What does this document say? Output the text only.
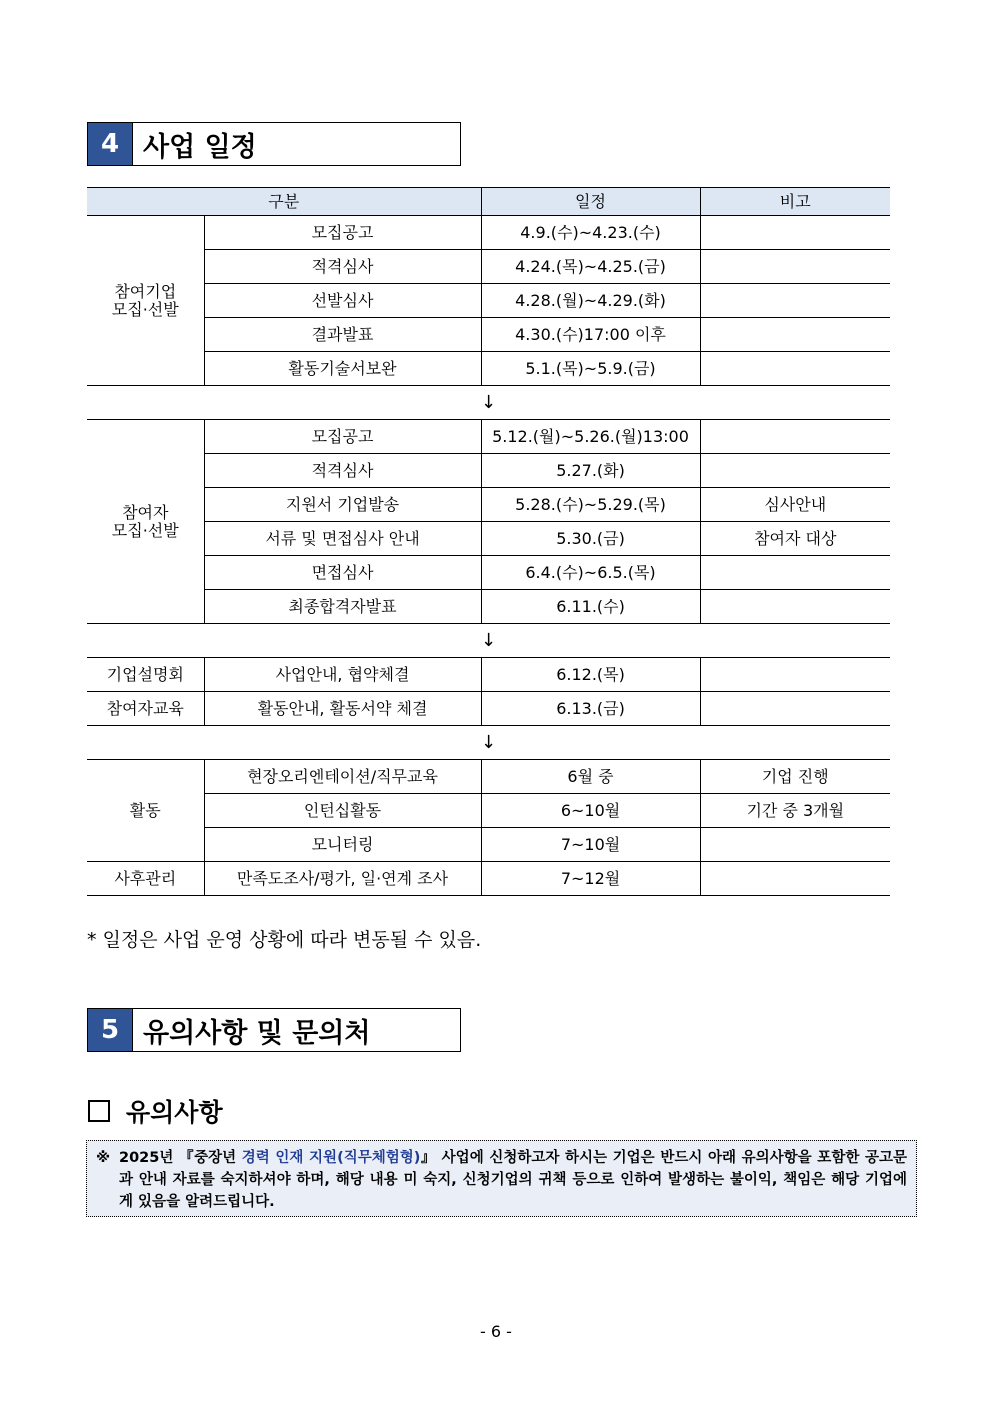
4 사업 일정
구분		일정	비고
참여기업
모집·선발	모집공고	4.9.(수)~4.23.(수)	
	적격심사	4.24.(목)~4.25.(금)	
	선발심사	4.28.(월)~4.29.(화)	
	결과발표	4.30.(수)17:00 이후	
	활동기술서보완	5.1.(목)~5.9.(금)	
↓			
참여자
모집·선발	모집공고	5.12.(월)~5.26.(월)13:00	
	적격심사	5.27.(화)	
	지원서 기업발송	5.28.(수)~5.29.(목)	심사안내
	서류 및 면접심사 안내	5.30.(금)	참여자 대상
	면접심사	6.4.(수)~6.5.(목)	
	최종합격자발표	6.11.(수)	
↓			
기업설명회	사업안내, 협약체결	6.12.(목)	
참여자교육	활동안내, 활동서약 체결	6.13.(금)	
↓			
활동	현장오리엔테이션/직무교육	6월 중	기업 진행
	인턴십활동	6~10월	기간 중 3개월
	모니터링	7~10월	
사후관리	만족도조사/평가, 일·연계 조사	7~12월	
* 일정은 사업 운영 상황에 따라 변동될 수 있음.
5 유의사항 및 문의처
유의사항
※ 2025년 『중장년 경력 인재 지원(직무체험형)』 사업에 신청하고자 하시는 기업은 반드시 아래 유의사항을 포함한 공고문과 안내 자료를 숙지하셔야 하며, 해당 내용 미 숙지, 신청기업의 귀책 등으로 인하여 발생하는 불이익, 책임은 해당 기업에게 있음을 알려드립니다.
- 6 -
